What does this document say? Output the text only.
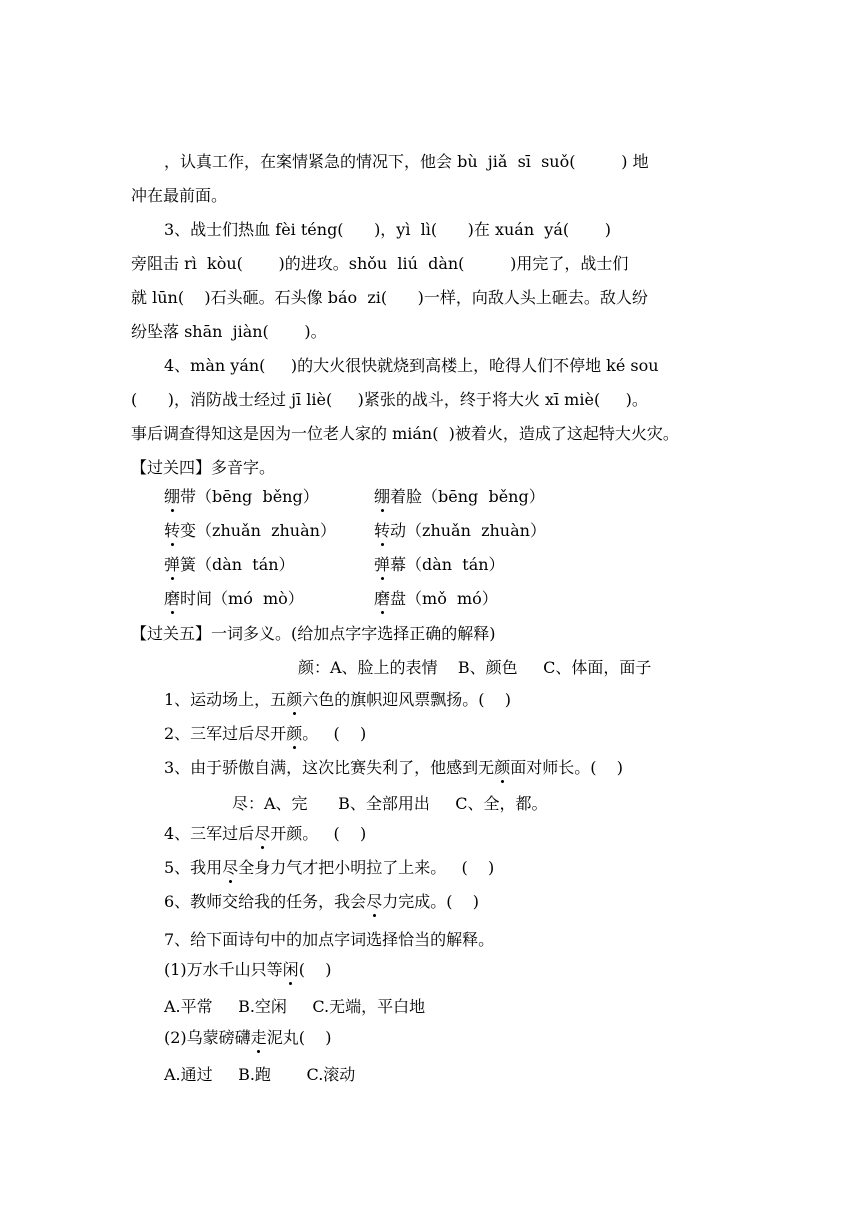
，认真工作，在案情紧急的情况下，他会 bù  jiǎ  sī  suǒ(         ) 地
冲在最前面。
3、战士们热血 fèi téng(      )，yì  lì(      )在 xuán  yá(       )
旁阻击 rì  kòu(       )的进攻。shǒu  liú  dàn(         )用完了，战士们
就 lūn(    )石头砸。石头像 báo  zi(      )一样，向敌人头上砸去。敌人纷
纷坠落 shān  jiàn(       )。
4、màn yán(     )的大火很快就烧到高楼上，呛得人们不停地 ké sou
(      )，消防战士经过 jī liè(     )紧张的战斗，终于将大火 xī miè(     )。
事后调查得知这是因为一位老人家的 mián(  )被着火，造成了这起特大火灾。
【过关四】多音字。
绷带（bēng  běng）	绷着脸（bēng  běng）
转变（zhuǎn  zhuàn） 转动（zhuǎn  zhuàn）
弹簧（dàn  tán）	弹幕（dàn  tán）
磨时间（mó  mò）	磨盘（mǒ  mó）
【过关五】一词多义。(给加点字字选择正确的解释)
颜：A、脸上的表情    B、颜色     C、体面，面子
1、运动场上，五颜六色的旗帜迎风票飘扬。(    )
2、三军过后尽开颜。   (    )
3、由于骄傲自满，这次比赛失利了，他感到无颜面对师长。(    )
尽：A、完      B、全部用出     C、全，都。
4、三军过后尽开颜。   (    )
5、我用尽全身力气才把小明拉了上来。   (    )
6、教师交给我的任务，我会尽力完成。(    )
7、给下面诗句中的加点字词选择恰当的解释。
(1)万水千山只等闲(    )
A.平常     B.空闲     C.无端，平白地
(2)乌蒙磅礴走泥丸(    )
A.通过     B.跑       C.滚动
